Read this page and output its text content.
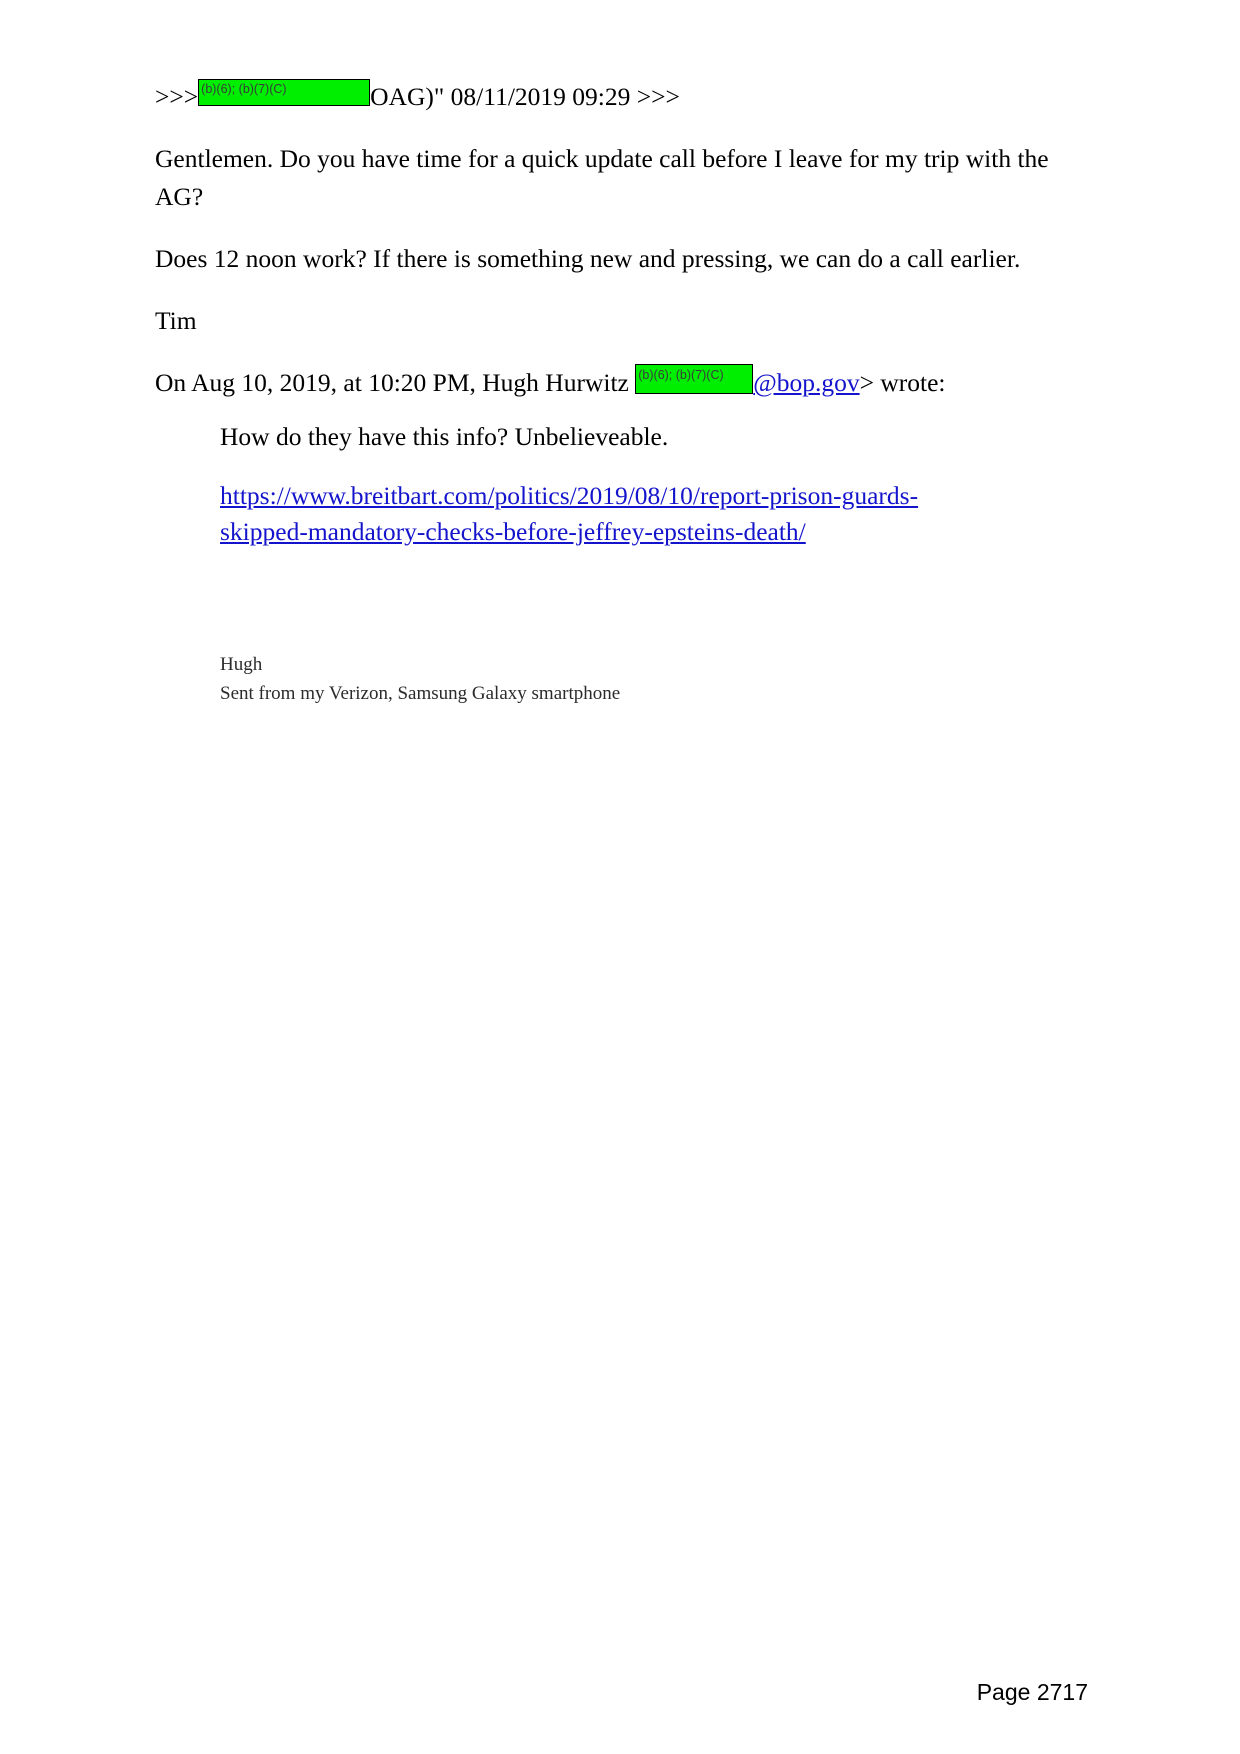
>>> (b)(6); (b)(7)(C)	OAG)" 08/11/2019 09:29 >>>

Gentlemen. Do you have time for a quick update call before I leave for my trip with the AG?

Does 12 noon work? If there is something new and pressing, we can do a call earlier.

Tim

On Aug 10, 2019, at 10:20 PM, Hugh Hurwitz (b)(6); (b)(7)(C) @bop.gov> wrote:

How do they have this info? Unbelieveable.

https://www.breitbart.com/politics/2019/08/10/report-prison-guards-skipped-mandatory-checks-before-jeffrey-epsteins-death/

Hugh
Sent from my Verizon, Samsung Galaxy smartphone
Page 2717
